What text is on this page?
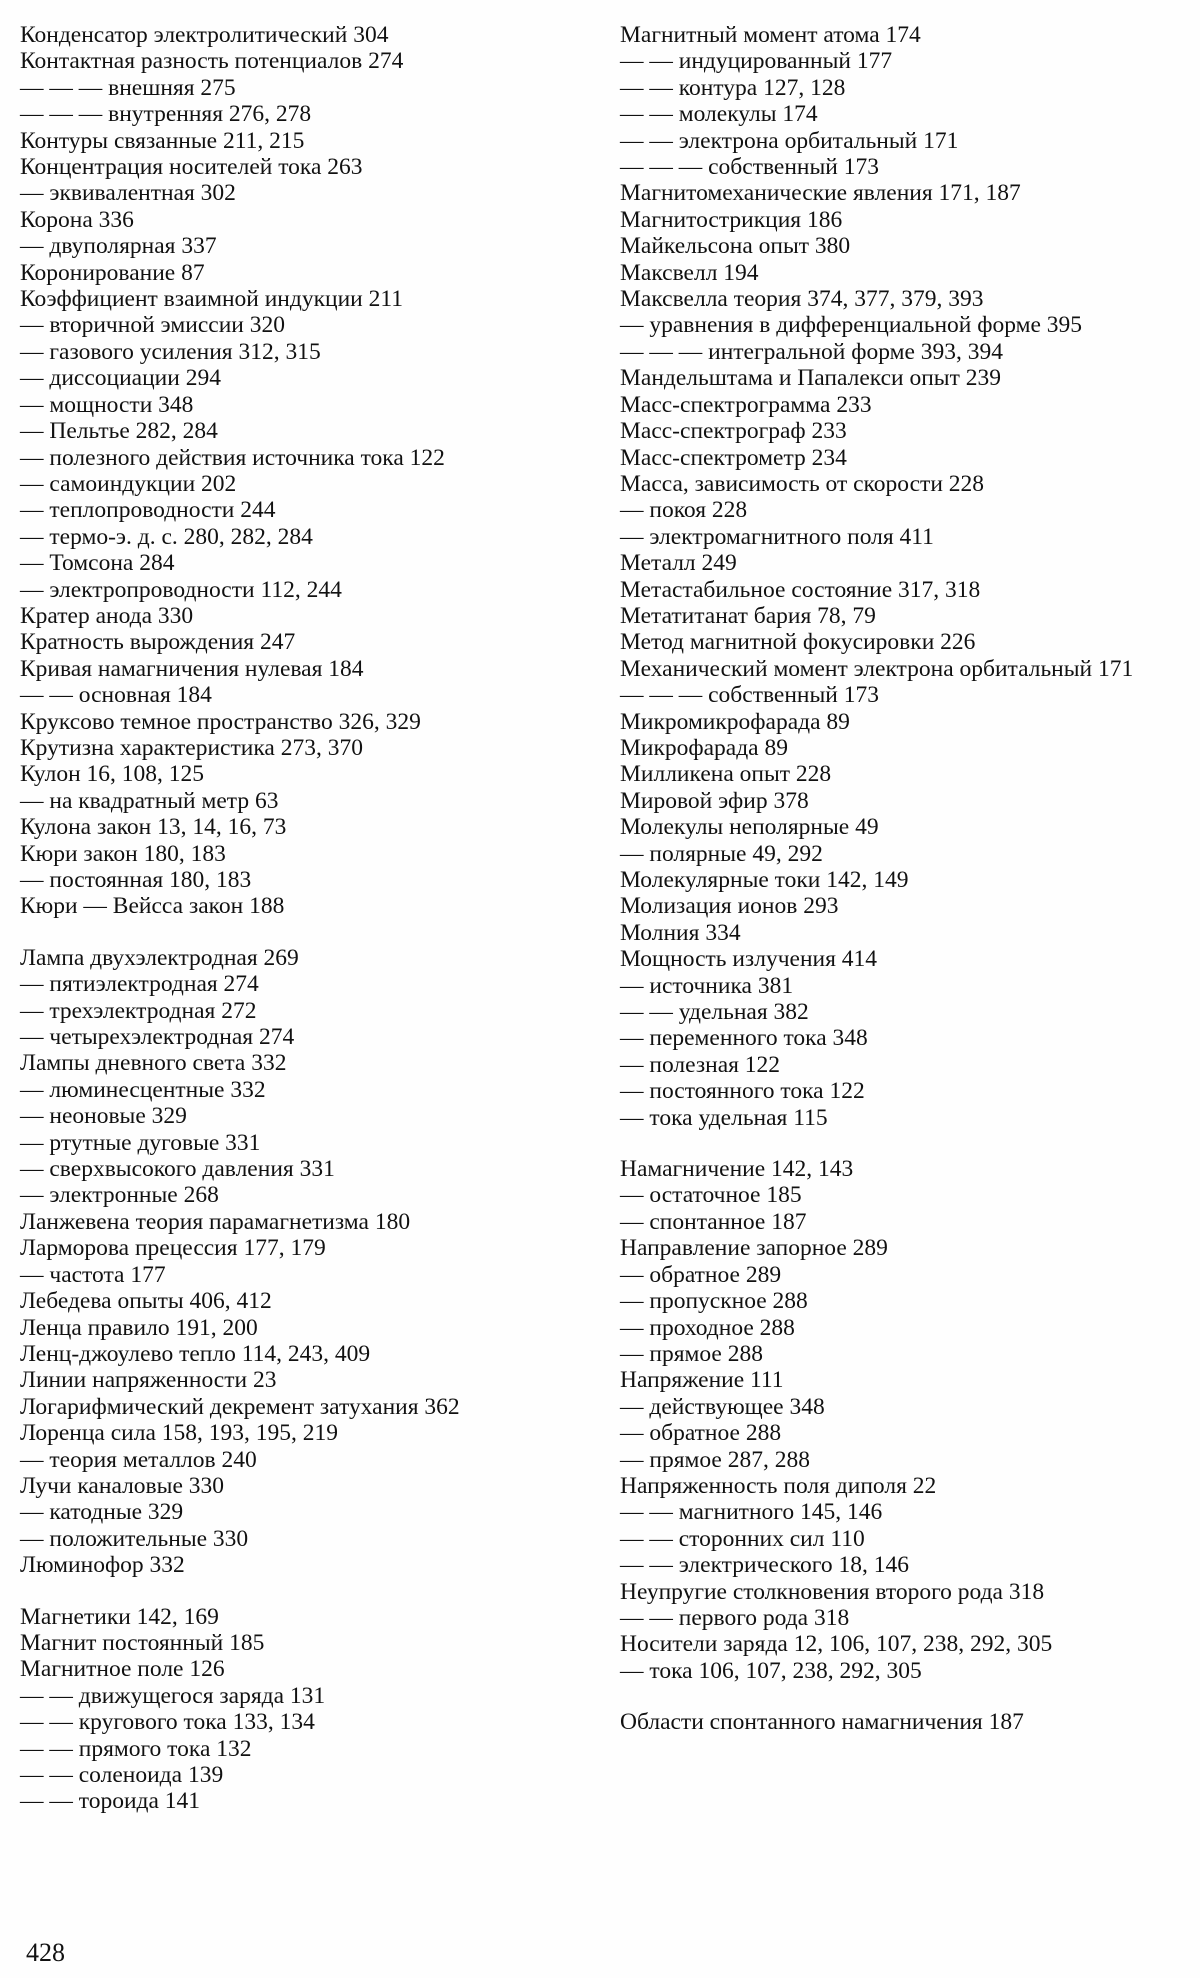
Конденсатор электролитический 304
Контактная разность потенциалов 274
— — — внешняя 275
— — — внутренняя 276, 278
Контуры связанные 211, 215
Концентрация носителей тока 263
— эквивалентная 302
Корона 336
— двуполярная 337
Коронирование 87
Коэффициент взаимной индукции 211
— вторичной эмиссии 320
— газового усиления 312, 315
— диссоциации 294
— мощности 348
— Пельтье 282, 284
— полезного действия источника тока 122
— самоиндукции 202
— теплопроводности 244
— термо-э. д. с. 280, 282, 284
— Томсона 284
— электропроводности 112, 244
Кратер анода 330
Кратность вырождения 247
Кривая намагничения нулевая 184
— — основная 184
Круксово темное пространство 326, 329
Крутизна характеристика 273, 370
Кулон 16, 108, 125
— на квадратный метр 63
Кулона закон 13, 14, 16, 73
Кюри закон 180, 183
— постоянная 180, 183
Кюри — Вейсса закон 188
Лампа двухэлектродная 269
— пятиэлектродная 274
— трехэлектродная 272
— четырехэлектродная 274
Лампы дневного света 332
— люминесцентные 332
— неоновые 329
— ртутные дуговые 331
— сверхвысокого давления 331
— электронные 268
Ланжевена теория парамагнетизма 180
Ларморова прецессия 177, 179
— частота 177
Лебедева опыты 406, 412
Ленца правило 191, 200
Ленц-джоулево тепло 114, 243, 409
Линии напряженности 23
Логарифмический декремент затухания 362
Лоренца сила 158, 193, 195, 219
— теория металлов 240
Лучи каналовые 330
— катодные 329
— положительные 330
Люминофор 332
Магнетики 142, 169
Магнит постоянный 185
Магнитное поле 126
— — движущегося заряда 131
— — кругового тока 133, 134
— — прямого тока 132
— — соленоида 139
— — тороида 141
Магнитный момент атома 174
— — индуцированный 177
— — контура 127, 128
— — молекулы 174
— — электрона орбитальный 171
— — — собственный 173
Магнитомеханические явления 171, 187
Магнитострикция 186
Майкельсона опыт 380
Максвелл 194
Максвелла теория 374, 377, 379, 393
— уравнения в дифференциальной форме 395
— — — интегральной форме 393, 394
Мандельштама и Папалекси опыт 239
Масс-спектрограмма 233
Масс-спектрограф 233
Масс-спектрометр 234
Масса, зависимость от скорости 228
— покоя 228
— электромагнитного поля 411
Металл 249
Метастабильное состояние 317, 318
Метатитанат бария 78, 79
Метод магнитной фокусировки 226
Механический момент электрона орбитальный 171
— — — собственный 173
Микромикрофарада 89
Микрофарада 89
Милликена опыт 228
Мировой эфир 378
Молекулы неполярные 49
— полярные 49, 292
Молекулярные токи 142, 149
Молизация ионов 293
Молния 334
Мощность излучения 414
— источника 381
— — удельная 382
— переменного тока 348
— полезная 122
— постоянного тока 122
— тока удельная 115
Намагничение 142, 143
— остаточное 185
— спонтанное 187
Направление запорное 289
— обратное 289
— пропускное 288
— проходное 288
— прямое 288
Напряжение 111
— действующее 348
— обратное 288
— прямое 287, 288
Напряженность поля диполя 22
— — магнитного 145, 146
— — сторонних сил 110
— — электрического 18, 146
Неупругие столкновения второго рода 318
— — первого рода 318
Носители заряда 12, 106, 107, 238, 292, 305
— тока 106, 107, 238, 292, 305
Области спонтанного намагничения 187
428
